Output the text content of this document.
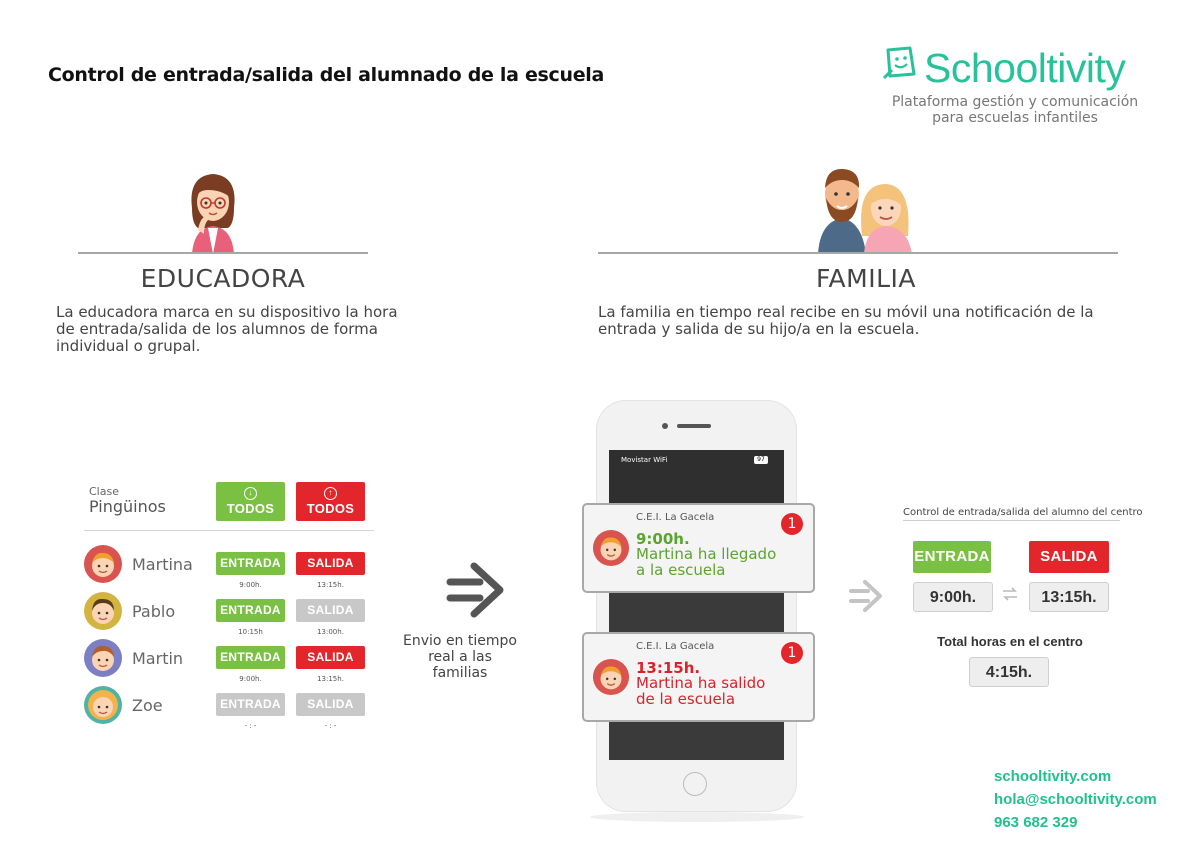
Control de entrada/salida del alumnado de la escuela	Schooltivity
Plataforma gestión y comunicación
para escuelas infantiles
EDUCADORA
La educadora marca en su dispositivo la hora
de entrada/salida de los alumnos de forma
individual o grupal.
FAMILIA
La familia en tiempo real recibe en su móvil una notificación de la
entrada y salida de su hijo/a en la escuela.
Clase
Pingüinos
↓
TODOS
↑
TODOS
Martina	ENTRADA	SALIDA
9:00h.	13:15h.
Pablo	ENTRADA	SALIDA
10:15h	13:00h.
Martin	ENTRADA	SALIDA
9:00h.	13:15h.
Zoe	ENTRADA	SALIDA
- : -	- : -
Envio en tiempo
real a las familias
Movistar WiFi	97
C.E.I. La Gacela	1
9:00h.
Martina ha llegado
a la escuela
C.E.I. La Gacela	1
13:15h.
Martina ha salido
de la escuela
Control de entrada/salida del alumno del centro
ENTRADA	SALIDA
9:00h.	13:15h.
Total horas en el centro
4:15h.
schooltivity.com
hola@schooltivity.com
963 682 329
